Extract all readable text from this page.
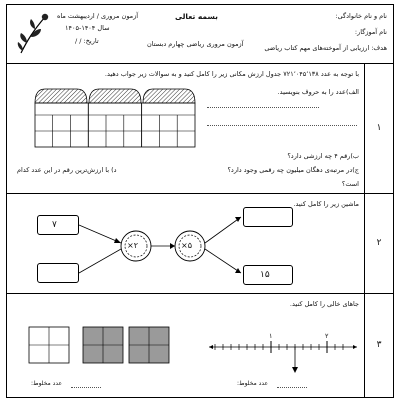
آزمون مروری / اردیبهشت ماه
سال ۱۴۰۴-۱۴۰۵
تاریخ: / /
بسمه تعالی
آزمون مروری ریاضی چهارم دبستان
نام و نام خانوادگی:
نام آموزگار:
هدف: ارزیابی از آموخته‌های مهم کتاب ریاضی
۱
با توجه به عدد ۷۲۱٬۰۴۵٬۱۳۸ جدول ارزش مکانی زیر را کامل کنید و به سوالات زیر جواب دهید.
الف)عدد را به حروف بنویسید.
ب)رقم ۴ چه ارزشی دارد؟
ج)در مرتبه‌ی دهگان میلیون چه رقمی وجود دارد؟
د) با ارزش‌ترین رقم در این عدد کدام
است؟
۲
ماشین زیر را کامل کنید.
۷
×۲	×۵
۱۵
۳
جاهای خالی را کامل کنید.
عدد مخلوط:
۱	۲
عدد مخلوط:
